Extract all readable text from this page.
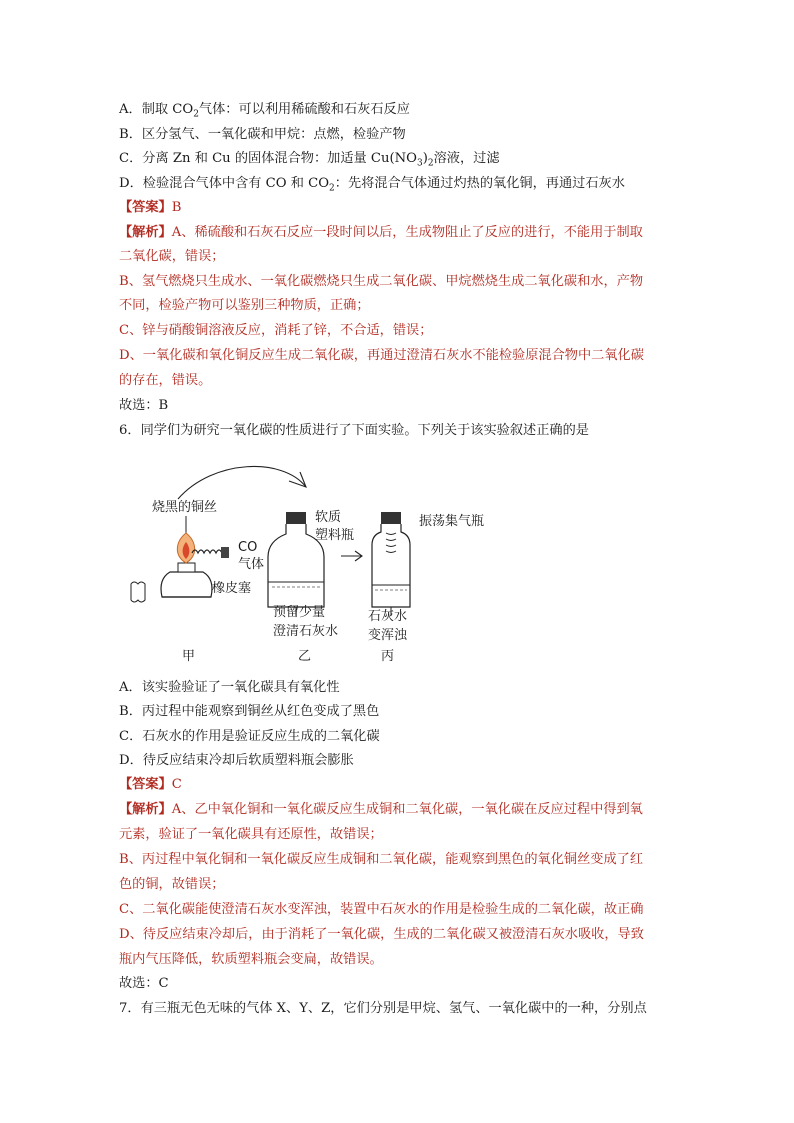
A．制取 $CO_2$气体：可以利用稀硫酸和石灰石反应
B．区分氢气、一氧化碳和甲烷：点燃，检验产物
C．分离 Zn 和 Cu 的固体混合物：加适量 $Cu(NO_3)_2$溶液，过滤
D．检验混合气体中含有 CO 和 $CO_2$：先将混合气体通过灼热的氧化铜，再通过石灰水
【答案】B
【解析】A、稀硫酸和石灰石反应一段时间以后，生成物阻止了反应的进行，不能用于制取
二氧化碳，错误；
B、氢气燃烧只生成水、一氧化碳燃烧只生成二氧化碳、甲烷燃烧生成二氧化碳和水，产物
不同，检验产物可以鉴别三种物质，正确；
C、锌与硝酸铜溶液反应，消耗了锌，不合适，错误；
D、一氧化碳和氧化铜反应生成二氧化碳，再通过澄清石灰水不能检验原混合物中二氧化碳
的存在，错误。
故选：B
6．同学们为研究一氧化碳的性质进行了下面实验。下列关于该实验叙述正确的是
烧黑的铜丝
橡皮塞
甲
CO
气体
软质
塑料瓶
预留少量
澄清石灰水
乙
振荡集气瓶
石灰水
变浑浊
丙
A．该实验验证了一氧化碳具有氧化性
B．丙过程中能观察到铜丝从红色变成了黑色
C．石灰水的作用是验证反应生成的二氧化碳
D．待反应结束冷却后软质塑料瓶会膨胀
【答案】C
【解析】A、乙中氧化铜和一氧化碳反应生成铜和二氧化碳，一氧化碳在反应过程中得到氧
元素，验证了一氧化碳具有还原性，故错误；
B、丙过程中氧化铜和一氧化碳反应生成铜和二氧化碳，能观察到黑色的氧化铜丝变成了红
色的铜，故错误；
C、二氧化碳能使澄清石灰水变浑浊，装置中石灰水的作用是检验生成的二氧化碳，故正确
D、待反应结束冷却后，由于消耗了一氧化碳，生成的二氧化碳又被澄清石灰水吸收，导致
瓶内气压降低，软质塑料瓶会变扁，故错误。
故选：C
7．有三瓶无色无味的气体 X、Y、Z，它们分别是甲烷、氢气、一氧化碳中的一种，分别点
